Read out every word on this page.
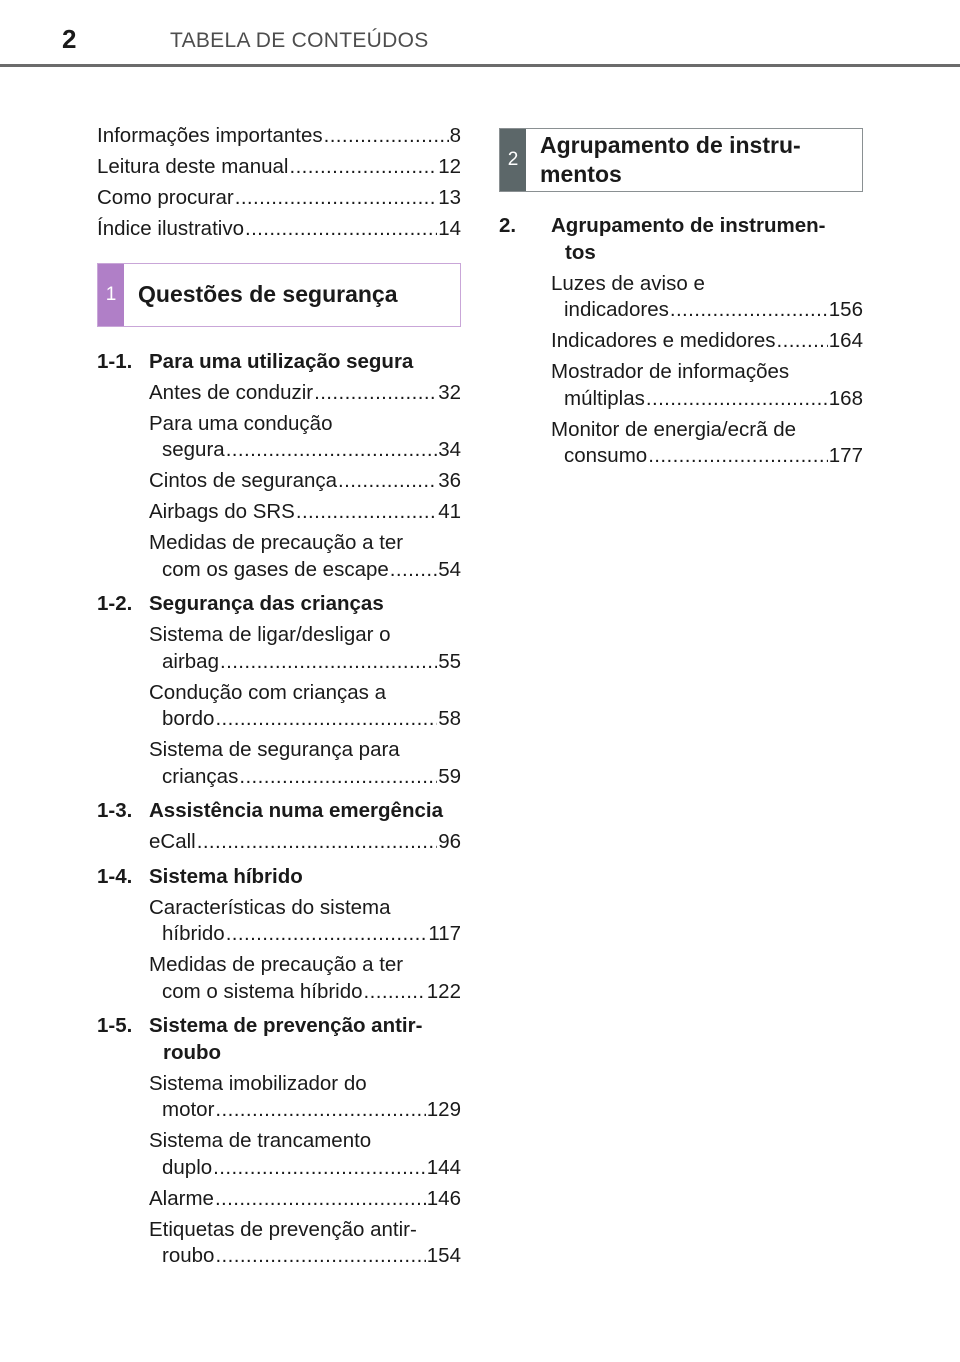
2	TABELA DE CONTEÚDOS
Informações importantes .....	8
Leitura deste manual .....	12
Como procurar .....	13
Índice ilustrativo .....	14
1 Questões de segurança
1-1. Para uma utilização segura
Antes de conduzir .....	32
Para uma condução
segura .....	34
Cintos de segurança .....	36
Airbags do SRS .....	41
Medidas de precaução a ter
com os gases de escape ..... 54
1-2. Segurança das crianças
Sistema de ligar/desligar o
airbag .....	55
Condução com crianças a
bordo .....	58
Sistema de segurança para
crianças .....	59
1-3. Assistência numa emergência
eCall .....	96
1-4. Sistema híbrido
Características do sistema
híbrido .....	117
Medidas de precaução a ter
com o sistema híbrido .....	122
1-5. Sistema de prevenção antir-
roubo
Sistema imobilizador do
motor .....	129
Sistema de trancamento
duplo .....	144
Alarme .....	146
Etiquetas de prevenção antir-
roubo .....	154
2
Agrupamento de instru-
mentos
2.	Agrupamento de instrumen-
tos
Luzes de aviso e
indicadores .....	156
Indicadores e medidores .....	164
Mostrador de informações
múltiplas .....	168
Monitor de energia/ecrã de
consumo .....	177
